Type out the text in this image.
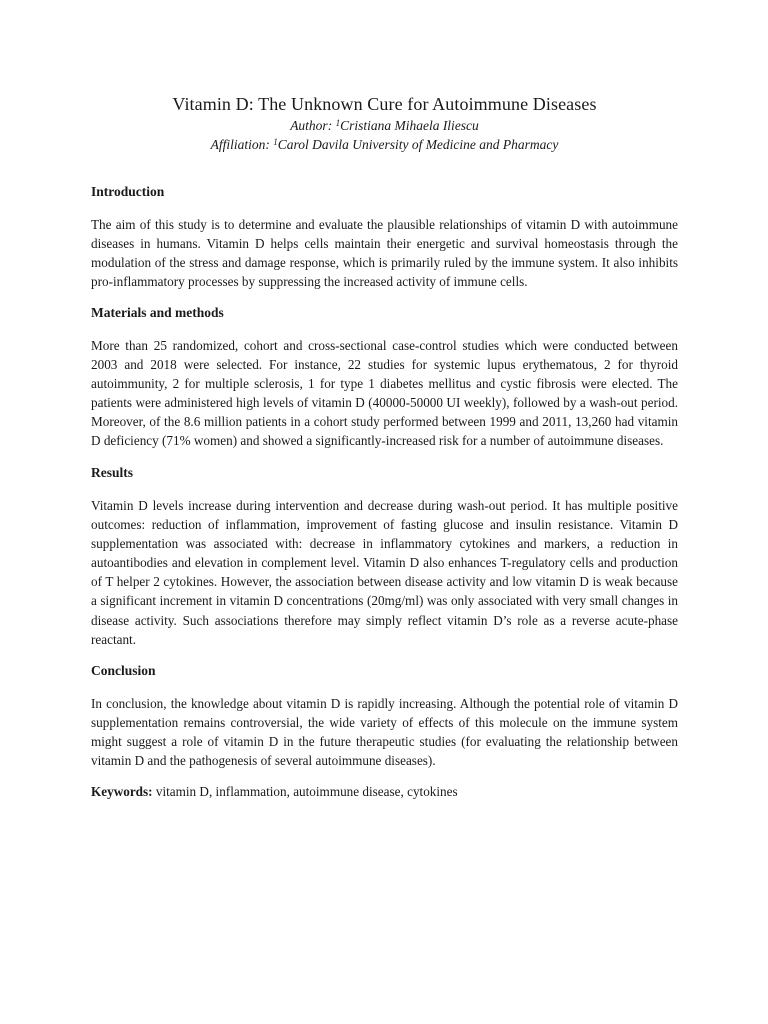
Vitamin D: The Unknown Cure for Autoimmune Diseases

Author: $^1$Cristiana Mihaela Iliescu

Affiliation: $^1$Carol Davila University of Medicine and Pharmacy

Introduction

The aim of this study is to determine and evaluate the plausible relationships of vitamin D with autoimmune diseases in humans. Vitamin D helps cells maintain their energetic and survival homeostasis through the modulation of the stress and damage response, which is primarily ruled by the immune system. It also inhibits pro-inflammatory processes by suppressing the increased activity of immune cells.

Materials and methods

More than 25 randomized, cohort and cross-sectional case-control studies which were conducted between 2003 and 2018 were selected. For instance, 22 studies for systemic lupus erythematous, 2 for thyroid autoimmunity, 2 for multiple sclerosis, 1 for type 1 diabetes mellitus and cystic fibrosis were elected. The patients were administered high levels of vitamin D (40000-50000 UI weekly), followed by a wash-out period. Moreover, of the 8.6 million patients in a cohort study performed between 1999 and 2011, 13,260 had vitamin D deficiency (71% women) and showed a significantly-increased risk for a number of autoimmune diseases.

Results

Vitamin D levels increase during intervention and decrease during wash-out period. It has multiple positive outcomes: reduction of inflammation, improvement of fasting glucose and insulin resistance. Vitamin D supplementation was associated with: decrease in inflammatory cytokines and markers, a reduction in autoantibodies and elevation in complement level. Vitamin D also enhances T-regulatory cells and production of T helper 2 cytokines. However, the association between disease activity and low vitamin D is weak because a significant increment in vitamin D concentrations (20mg/ml) was only associated with very small changes in disease activity. Such associations therefore may simply reflect vitamin D’s role as a reverse acute-phase reactant.

Conclusion

In conclusion, the knowledge about vitamin D is rapidly increasing. Although the potential role of vitamin D supplementation remains controversial, the wide variety of effects of this molecule on the immune system might suggest a role of vitamin D in the future therapeutic studies (for evaluating the relationship between vitamin D and the pathogenesis of several autoimmune diseases).

Keywords: vitamin D, inflammation, autoimmune disease, cytokines
